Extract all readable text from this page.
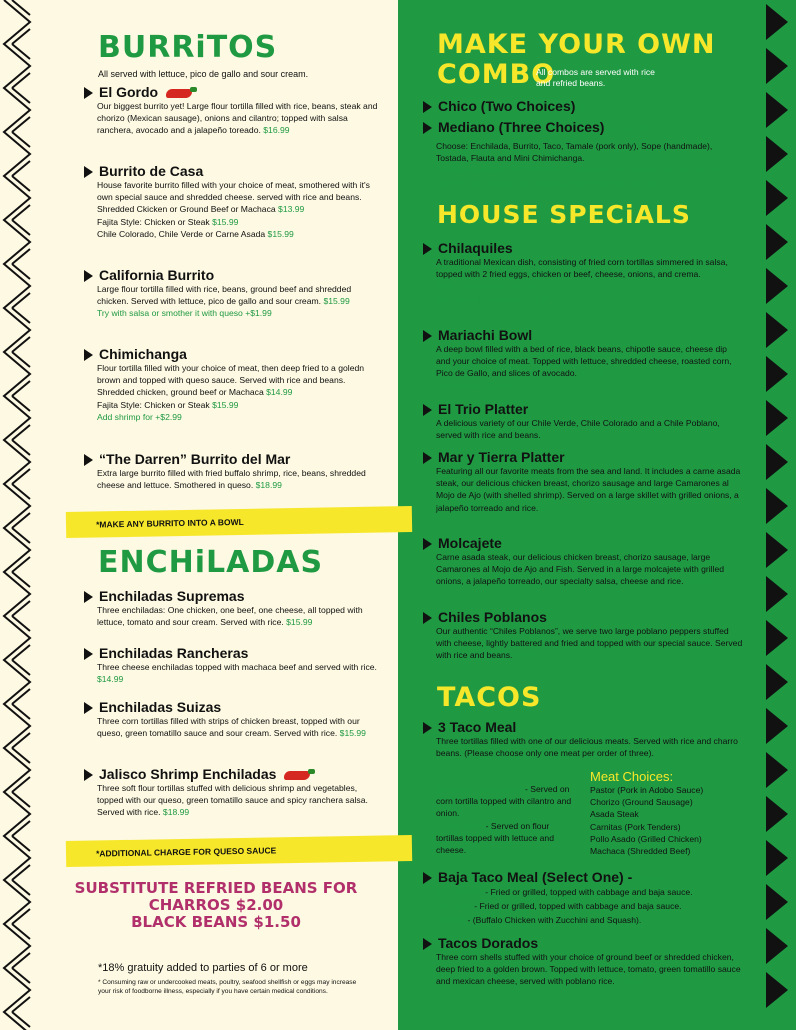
BURRiTOS
All served with lettuce, pico de gallo and sour cream.
El Gordo
Our biggest burrito yet! Large flour tortilla filled with rice, beans, steak and chorizo (Mexican sausage), onions and cilantro; topped with salsa ranchera, avocado and a jalapeño toreado. $16.99
Burrito de Casa
House favorite burrito filled with your choice of meat, smothered with it's own special sauce and shredded cheese. served with rice and beans.
Shredded Ckicken or Ground Beef or Machaca $13.99
Fajita Style: Chicken or Steak $15.99
Chile Colorado, Chile Verde or Carne Asada $15.99
California Burrito
Large flour tortilla filled with rice, beans, ground beef and shredded chicken. Served with lettuce, pico de gallo and sour cream. $15.99
Try with salsa or smother it with queso +$1.99
Chimichanga
Flour tortilla filled with your choice of meat, then deep fried to a goledn brown and topped with queso sauce. Served with rice and beans.
Shredded chicken, ground beef or Machaca $14.99
Fajita Style: Chicken or Steak $15.99
Add shrimp for +$2.99
“The Darren” Burrito del Mar
Extra large burrito filled with fried buffalo shrimp, rice, beans, shredded cheese and lettuce. Smothered in queso. $18.99
*MAKE ANY BURRITO INTO A BOWL
ENCHiLADAS
Enchiladas Supremas
Three enchiladas: One chicken, one beef, one cheese, all topped with lettuce, tomato and sour cream. Served with rice. $15.99
Enchiladas Rancheras
Three cheese enchiladas topped with machaca beef and served with rice. $14.99
Enchiladas Suizas
Three corn tortillas filled with strips of chicken breast, topped with our queso, green tomatillo sauce and sour cream. Served with rice. $15.99
Jalisco Shrimp Enchiladas
Three soft flour tortillas stuffed with delicious shrimp and vegetables, topped with our queso, green tomatillo sauce and spicy ranchera salsa. Served with rice. $18.99
*ADDITIONAL CHARGE FOR QUESO SAUCE
SUBSTITUTE REFRIED BEANS FOR
CHARROS $2.00
BLACK BEANS $1.50
*18% gratuity added to parties of 6 or more
* Consuming raw or undercooked meats, poultry, seafood shellfish or eggs may increase your risk of foodborne illness, especially if you have certain medical conditions.
MAKE YOUR OWN
COMBO
All combos are served with rice and refried beans.
Chico (Two Choices) $14.99
Mediano (Three Choices) $16.99
Choose: Enchilada, Burrito, Taco, Tamale (pork only), Sope (handmade), Tostada, Flauta and Mini Chimichanga.
Additional toppings +$2.49 each (Guacamole, sour cream, pico de gallo or queso) - Add lettuce, pico de gallo, sour cream for +$1.99
HOUSE SPECiALS
Chilaquiles
A traditional Mexican dish, consisting of fried corn tortillas simmered in salsa, topped with 2 fried eggs, chicken or beef, cheese, onions, and crema. $15.99
With Carne Asada - $20.99
Add specialty meat for +$2.49
Mariachi Bowl
A deep bowl filled with a bed of rice, black beans, chipotle sauce, cheese dip and your choice of meat. Topped with lettuce, shredded cheese, roasted corn, Pico de Gallo, and slices of avocado. $17.99
Add Shrimp +$2.99
El Trio Platter
A delicious variety of our Chile Verde, Chile Colorado and a Chile Poblano, served with rice and beans. $22.99
Mar y Tierra Platter
Featuring all our favorite meats from the sea and land. It includes a carne asada steak, our delicious chicken breast, chorizo sausage and large Camarones al Mojo de Ajo (with shelled shrimp). Served on a large skillet with grilled onions, a jalapeño torreado and rice. $33.99
Molcajete
Carne asada steak, our delicious chicken breast, chorizo sausage, large Camarones al Mojo de Ajo and Fish. Served in a large molcajete with grilled onions, a jalapeño torreado, our specialty salsa, cheese and rice. $36.99
Chiles Poblanos
Our authentic “Chiles Poblanos”, we serve two large poblano peppers stuffed with cheese, lightly battered and fried and topped with our special sauce. Served with rice and beans. $15.99
TACOS
3 Taco Meal
Three tortillas filled with one of our delicious meats. Served with rice and charro beans. (Please choose only one meat per order of three). $16.99
Traditional Street Style - Served on corn tortilla topped with cilantro and onion.
Gringo Style - Served on flour tortillas topped with lettuce and cheese.
Meat Choices:
Pastor (Pork in Adobo Sauce)
Chorizo (Ground Sausage)
Asada Steak
Carnitas (Pork Tenders)
Pollo Asado (Grilled Chicken)
Machaca (Shredded Beef)
Baja Taco Meal (Select One) - $20.49
Baja Shrimp - Fried or grilled, topped with cabbage and baja sauce.
Baja Fish - Fried or grilled, topped with cabbage and baja sauce.
Donkey - (Buffalo Chicken with Zucchini and Squash).
Tacos Dorados
Three corn shells stuffed with your choice of ground beef or shredded chicken, deep fried to a golden brown. Topped with lettuce, tomato, green tomatillo sauce and mexican cheese, served with poblano rice. $13.99
